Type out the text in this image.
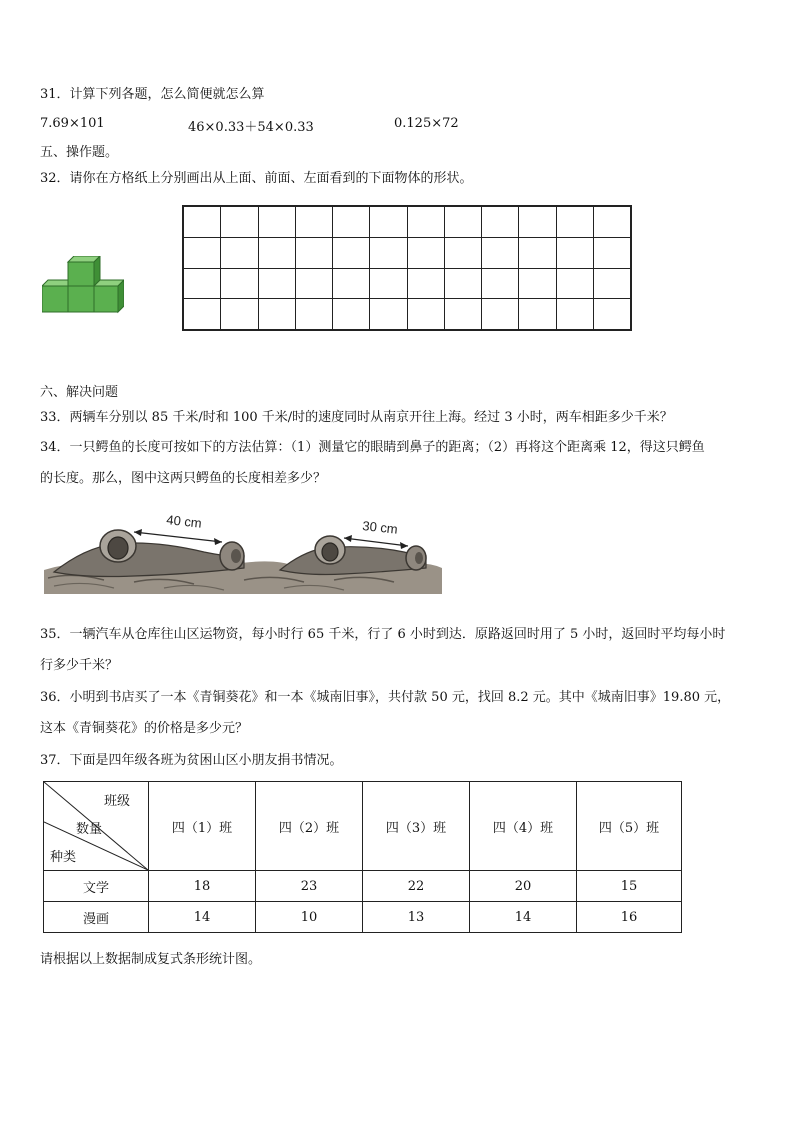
31．计算下列各题，怎么简便就怎么算
7.69×101	46×0.33＋54×0.33	0.125×72
五、操作题。
32．请你在方格纸上分别画出从上面、前面、左面看到的下面物体的形状。

六、解决问题
33．两辆车分别以 85 千米/时和 100 千米/时的速度同时从南京开往上海。经过 3 小时，两车相距多少千米？
34．一只鳄鱼的长度可按如下的方法估算：（1）测量它的眼睛到鼻子的距离；（2）再将这个距离乘 12，得这只鳄鱼
的长度。那么，图中这两只鳄鱼的长度相差多少？
40 cm	30 cm
35．一辆汽车从仓库往山区运物资，每小时行 65 千米，行了 6 小时到达．原路返回时用了 5 小时，返回时平均每小时
行多少千米？
36．小明到书店买了一本《青铜葵花》和一本《城南旧事》，共付款 50 元，找回 8.2 元。其中《城南旧事》19.80 元，
这本《青铜葵花》的价格是多少元？
37．下面是四年级各班为贫困山区小朋友捐书情况。
班级
数量
种类	四（1）班	四（2）班	四（3）班	四（4）班	四（5）班
文学	18	23	22	20	15
漫画	14	10	13	14	16
请根据以上数据制成复式条形统计图。
